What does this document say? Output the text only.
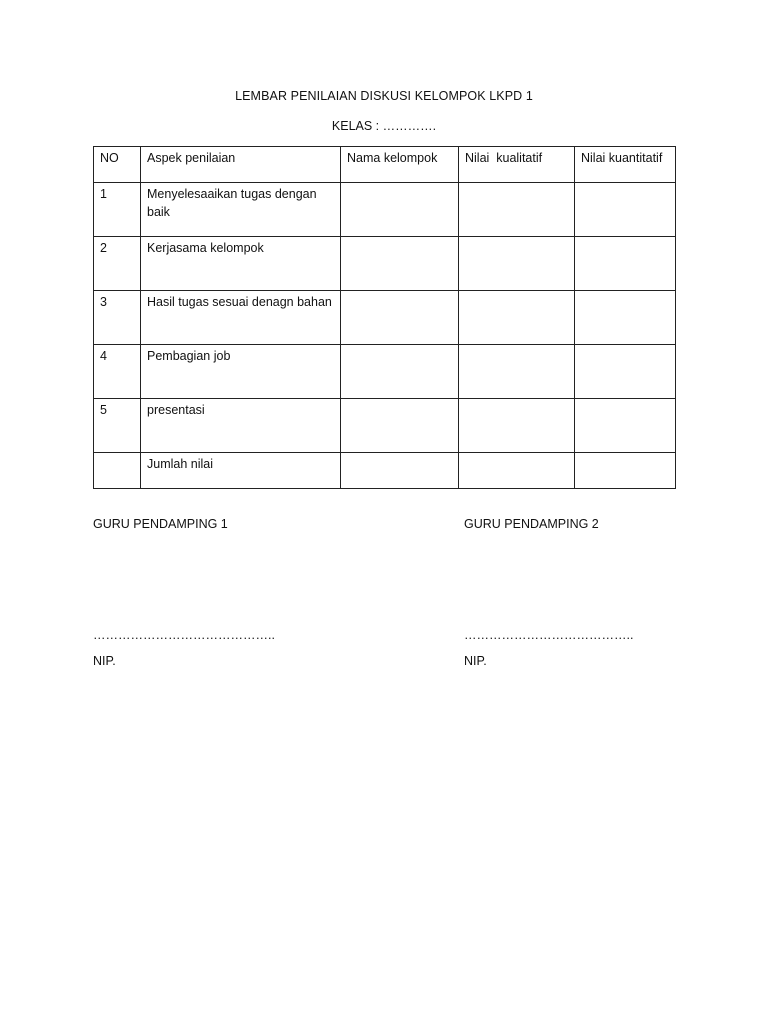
LEMBAR PENILAIAN DISKUSI KELOMPOK LKPD 1
KELAS : ………….
NO	Aspek penilaian	Nama kelompok	Nilai  kualitatif	Nilai kuantitatif
1	Menyelesaaikan tugas dengan baik			
2	Kerjasama kelompok			
3	Hasil tugas sesuai denagn bahan			
4	Pembagian job			
5	presentasi			
	Jumlah nilai			
GURU PENDAMPING 1
……………………………………..
NIP.
GURU PENDAMPING 2
…………………………………..
NIP.
